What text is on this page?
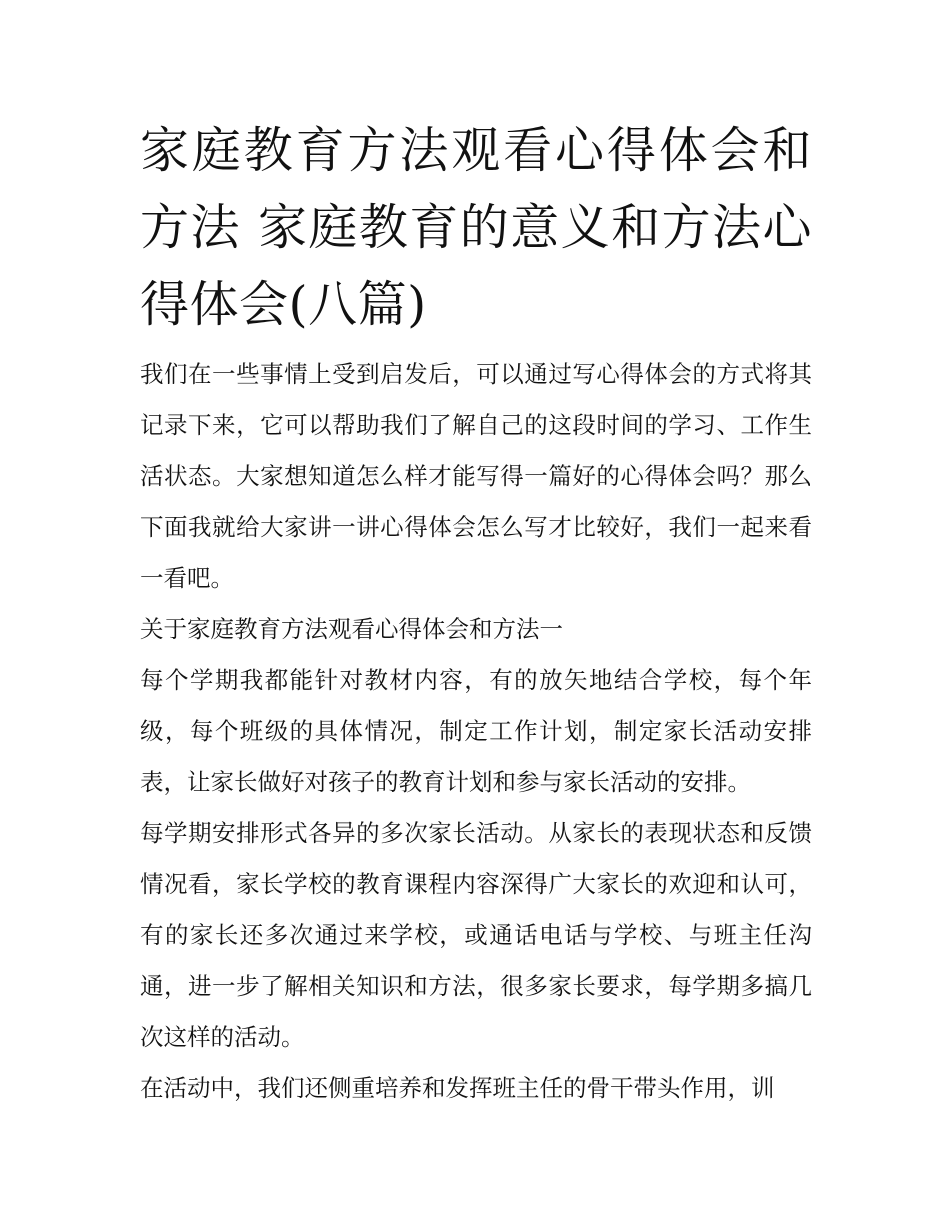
家庭教育方法观看心得体会和方法 家庭教育的意义和方法心得体会(八篇)

我们在一些事情上受到启发后，可以通过写心得体会的方式将其记录下来，它可以帮助我们了解自己的这段时间的学习、工作生活状态。大家想知道怎么样才能写得一篇好的心得体会吗？那么下面我就给大家讲一讲心得体会怎么写才比较好，我们一起来看一看吧。

关于家庭教育方法观看心得体会和方法一

每个学期我都能针对教材内容，有的放矢地结合学校，每个年级，每个班级的具体情况，制定工作计划，制定家长活动安排表，让家长做好对孩子的教育计划和参与家长活动的安排。

每学期安排形式各异的多次家长活动。从家长的表现状态和反馈情况看，家长学校的教育课程内容深得广大家长的欢迎和认可，有的家长还多次通过来学校，或通话电话与学校、与班主任沟通，进一步了解相关知识和方法，很多家长要求，每学期多搞几次这样的活动。

在活动中，我们还侧重培养和发挥班主任的骨干带头作用，训
